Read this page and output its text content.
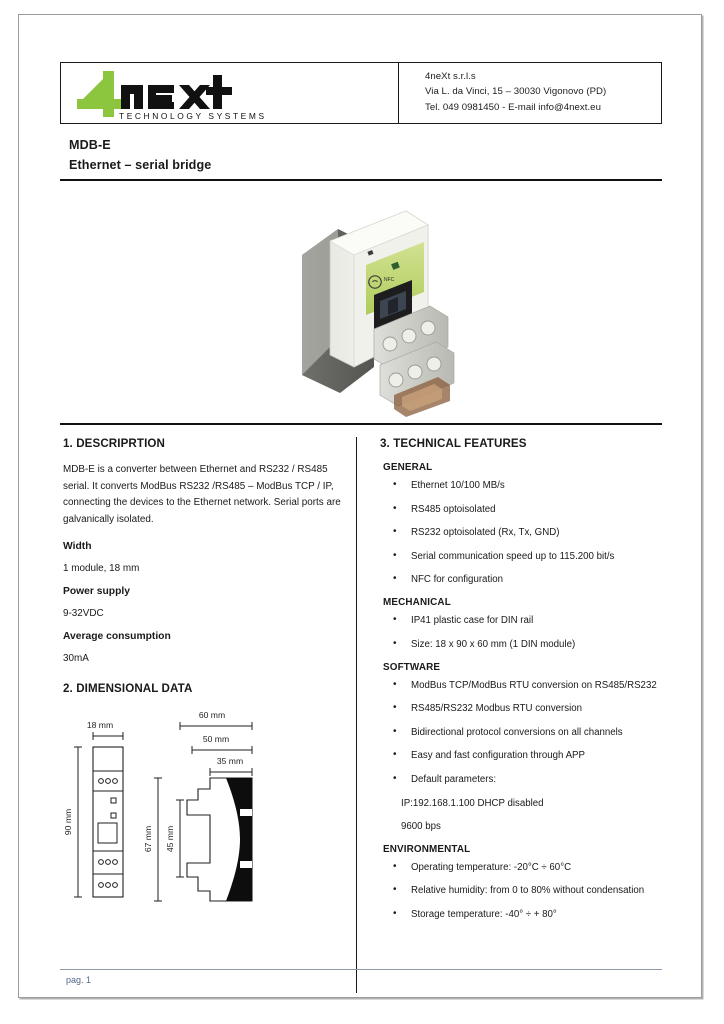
TECHNOLOGY SYSTEMS
4neXt s.r.l.s
Via L. da Vinci, 15 – 30030 Vigonovo (PD)
Tel. 049 0981450 - E-mail info@4next.eu
MDB-E
Ethernet – serial bridge
NFC
1. DESCRIPRTION

MDB-E is a converter between Ethernet and RS232 / RS485 serial. It converts ModBus RS232 /RS485 – ModBus TCP / IP, connecting the devices to the Ethernet network. Serial ports are galvanically isolated.

Width
1 module, 18 mm
Power supply
9-32VDC
Average consumption
30mA
2. DIMENSIONAL DATA
18 mm
90 mm
60 mm
50 mm
35 mm
67 mm 45 mm
3. TECHNICAL FEATURES
GENERAL
• Ethernet 10/100 MB/s
• RS485 optoisolated
• RS232 optoisolated (Rx, Tx, GND)
• Serial communication speed up to 115.200 bit/s
• NFC for configuration
MECHANICAL
• IP41 plastic case for DIN rail
• Size: 18 x 90 x 60 mm (1 DIN module)
SOFTWARE
• ModBus TCP/ModBus RTU conversion on RS485/RS232
• RS485/RS232 Modbus RTU conversion
• Bidirectional protocol conversions on all channels
• Easy and fast configuration through APP
• Default parameters:
IP:192.168.1.100 DHCP disabled
9600 bps
ENVIRONMENTAL
• Operating temperature: -20°C ÷ 60°C
• Relative humidity: from 0 to 80% without condensation
• Storage temperature: -40° ÷ + 80°
pag. 1
